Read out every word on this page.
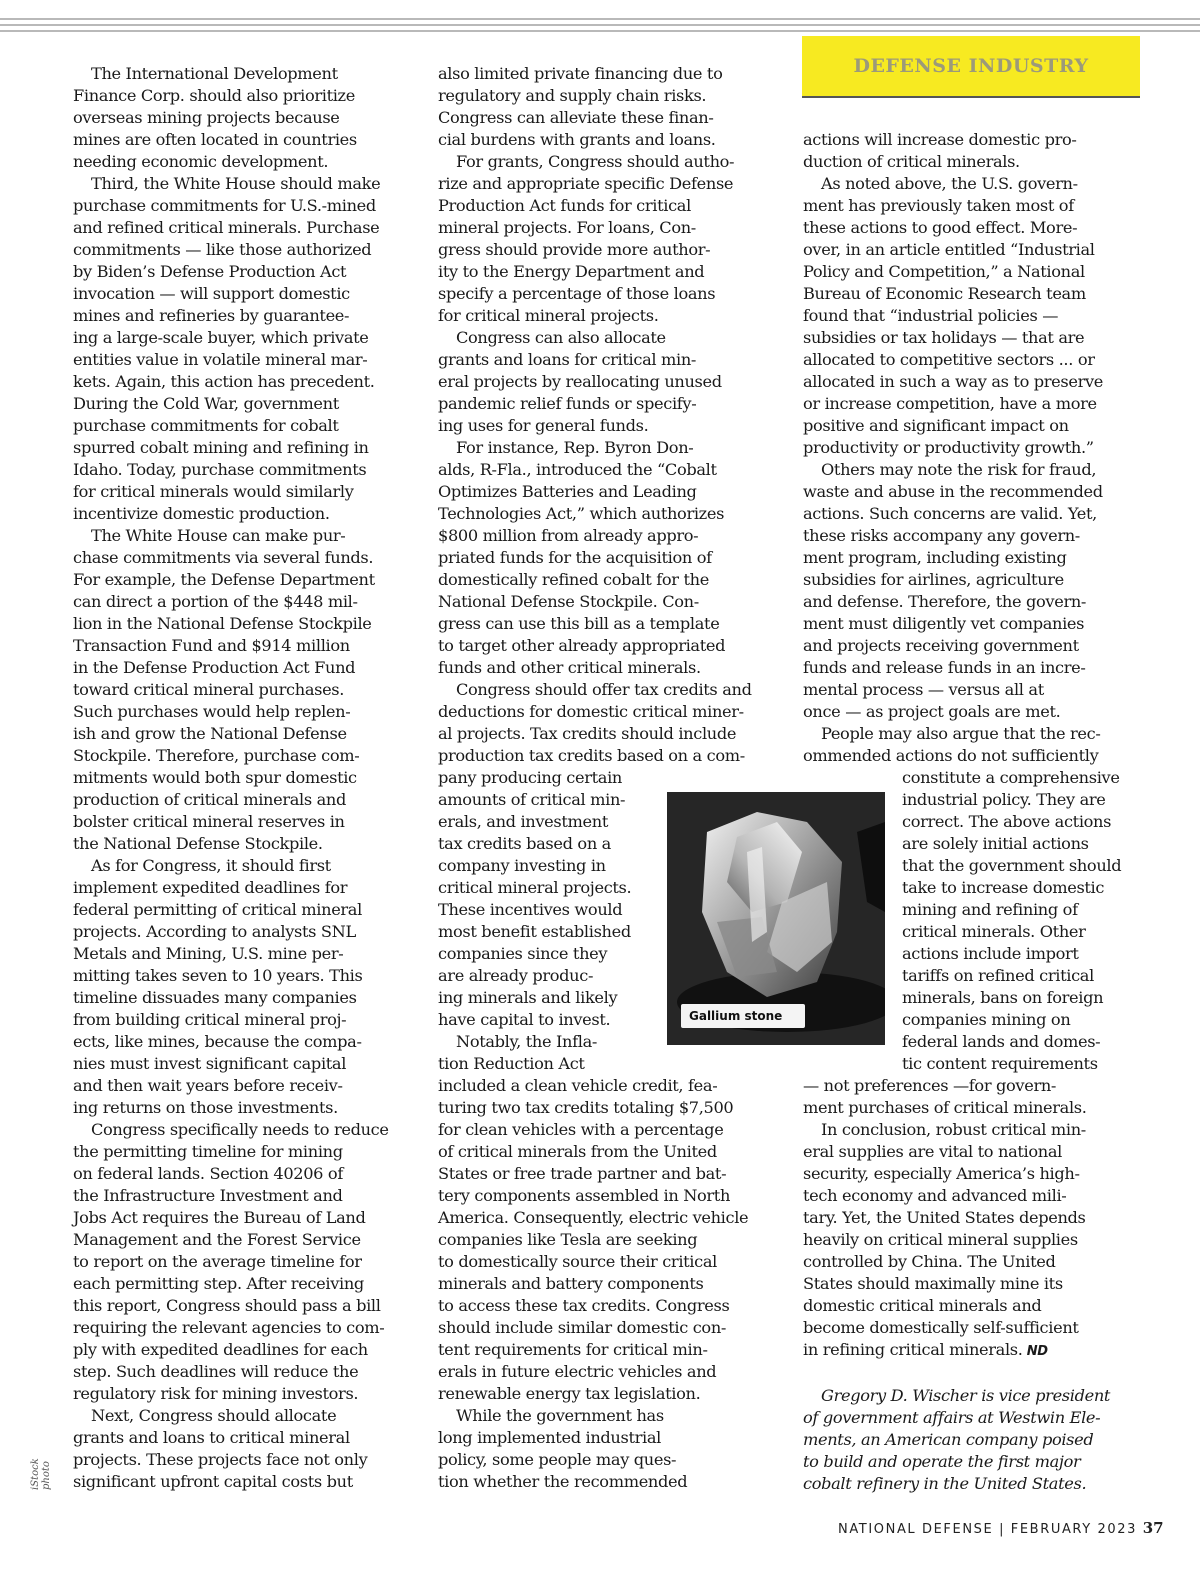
DEFENSE INDUSTRY

The International Development
Finance Corp. should also prioritize
overseas mining projects because
mines are often located in countries
needing economic development.

Third, the White House should make
purchase commitments for U.S.-mined
and refined critical minerals. Purchase
commitments — like those authorized
by Biden’s Defense Production Act
invocation — will support domestic
mines and refineries by guarantee-
ing a large-scale buyer, which private
entities value in volatile mineral mar-
kets. Again, this action has precedent.
During the Cold War, government
purchase commitments for cobalt
spurred cobalt mining and refining in
Idaho. Today, purchase commitments
for critical minerals would similarly
incentivize domestic production.

The White House can make pur-
chase commitments via several funds.
For example, the Defense Department
can direct a portion of the $448 mil-
lion in the National Defense Stockpile
Transaction Fund and $914 million
in the Defense Production Act Fund
toward critical mineral purchases.
Such purchases would help replen-
ish and grow the National Defense
Stockpile. Therefore, purchase com-
mitments would both spur domestic
production of critical minerals and
bolster critical mineral reserves in
the National Defense Stockpile.

As for Congress, it should first
implement expedited deadlines for
federal permitting of critical mineral
projects. According to analysts SNL
Metals and Mining, U.S. mine per-
mitting takes seven to 10 years. This
timeline dissuades many companies
from building critical mineral proj-
ects, like mines, because the compa-
nies must invest significant capital
and then wait years before receiv-
ing returns on those investments.

Congress specifically needs to reduce
the permitting timeline for mining
on federal lands. Section 40206 of
the Infrastructure Investment and
Jobs Act requires the Bureau of Land
Management and the Forest Service
to report on the average timeline for
each permitting step. After receiving
this report, Congress should pass a bill
requiring the relevant agencies to com-
ply with expedited deadlines for each
step. Such deadlines will reduce the
regulatory risk for mining investors.

Next, Congress should allocate
grants and loans to critical mineral
projects. These projects face not only
significant upfront capital costs but

also limited private financing due to
regulatory and supply chain risks.
Congress can alleviate these finan-
cial burdens with grants and loans.

For grants, Congress should autho-
rize and appropriate specific Defense
Production Act funds for critical
mineral projects. For loans, Con-
gress should provide more author-
ity to the Energy Department and
specify a percentage of those loans
for critical mineral projects.

Congress can also allocate
grants and loans for critical min-
eral projects by reallocating unused
pandemic relief funds or specify-
ing uses for general funds.

For instance, Rep. Byron Don-
alds, R-Fla., introduced the “Cobalt
Optimizes Batteries and Leading
Technologies Act,” which authorizes
$800 million from already appro-
priated funds for the acquisition of
domestically refined cobalt for the
National Defense Stockpile. Con-
gress can use this bill as a template
to target other already appropriated
funds and other critical minerals.

Congress should offer tax credits and
deductions for domestic critical miner-
al projects. Tax credits should include
production tax credits based on a com-
pany producing certain
amounts of critical min-
erals, and investment
tax credits based on a
company investing in
critical mineral projects.
These incentives would
most benefit established
companies since they
are already produc-
ing minerals and likely
have capital to invest.

Notably, the Infla-
tion Reduction Act
included a clean vehicle credit, fea-
turing two tax credits totaling $7,500
for clean vehicles with a percentage
of critical minerals from the United
States or free trade partner and bat-
tery components assembled in North
America. Consequently, electric vehicle
companies like Tesla are seeking
to domestically source their critical
minerals and battery components
to access these tax credits. Congress
should include similar domestic con-
tent requirements for critical min-
erals in future electric vehicles and
renewable energy tax legislation.

While the government has
long implemented industrial
policy, some people may ques-
tion whether the recommended

actions will increase domestic pro-
duction of critical minerals.

As noted above, the U.S. govern-
ment has previously taken most of
these actions to good effect. More-
over, in an article entitled “Industrial
Policy and Competition,” a National
Bureau of Economic Research team
found that “industrial policies —
subsidies or tax holidays — that are
allocated to competitive sectors ... or
allocated in such a way as to preserve
or increase competition, have a more
positive and significant impact on
productivity or productivity growth.”

Others may note the risk for fraud,
waste and abuse in the recommended
actions. Such concerns are valid. Yet,
these risks accompany any govern-
ment program, including existing
subsidies for airlines, agriculture
and defense. Therefore, the govern-
ment must diligently vet companies
and projects receiving government
funds and release funds in an incre-
mental process — versus all at
once — as project goals are met.

People may also argue that the rec-
ommended actions do not sufficiently

constitute a comprehensive
industrial policy. They are
correct. The above actions
are solely initial actions
that the government should
take to increase domestic
mining and refining of
critical minerals. Other
actions include import
tariffs on refined critical
minerals, bans on foreign
companies mining on
federal lands and domes-
tic content requirements

— not preferences —for govern-
ment purchases of critical minerals.

In conclusion, robust critical min-
eral supplies are vital to national
security, especially America’s high-
tech economy and advanced mili-
tary. Yet, the United States depends
heavily on critical mineral supplies
controlled by China. The United
States should maximally mine its
domestic critical minerals and
become domestically self-sufficient
in refining critical minerals. ND

Gregory D. Wischer is vice president
of government affairs at Westwin Ele-
ments, an American company poised
to build and operate the first major
cobalt refinery in the United States.

Gallium stone
iStock photo
NATIONAL DEFENSE | FEBRUARY 2023 37
